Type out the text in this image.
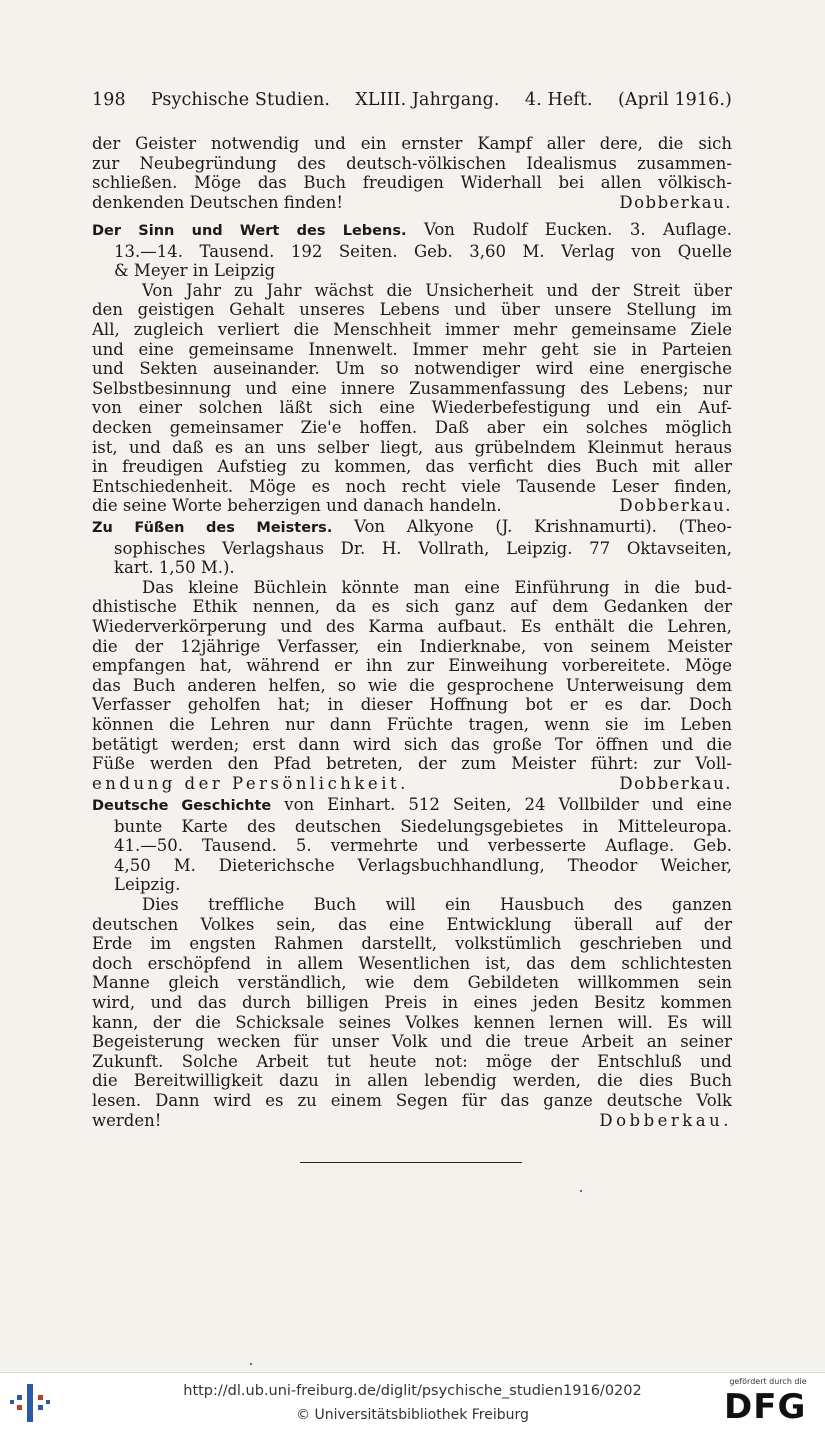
198 Psychische Studien. XLIII. Jahrgang. 4. Heft. (April 1916.)

der Geister notwendig und ein ernster Kampf aller dere, die sich

zur Neubegründung des deutsch-völkischen Idealismus zusammen-

schließen. Möge das Buch freudigen Widerhall bei allen völkisch-

denkenden Deutschen finden!	Dobberkau.

Der Sinn und Wert des Lebens. Von Rudolf Eucken. 3. Auflage.

13.—14. Tausend. 192 Seiten. Geb. 3,60 M. Verlag von Quelle

& Meyer in Leipzig

Von Jahr zu Jahr wächst die Unsicherheit und der Streit über

den geistigen Gehalt unseres Lebens und über unsere Stellung im

All, zugleich verliert die Menschheit immer mehr gemeinsame Ziele

und eine gemeinsame Innenwelt. Immer mehr geht sie in Parteien

und Sekten auseinander. Um so notwendiger wird eine energische

Selbstbesinnung und eine innere Zusammenfassung des Lebens; nur

von einer solchen läßt sich eine Wiederbefestigung und ein Auf-

decken gemeinsamer Zie'e hoffen. Daß aber ein solches möglich

ist, und daß es an uns selber liegt, aus grübelndem Kleinmut heraus

in freudigen Aufstieg zu kommen, das verficht dies Buch mit aller

Entschiedenheit. Möge es noch recht viele Tausende Leser finden,

die seine Worte beherzigen und danach handeln.	Dobberkau.

Zu Füßen des Meisters. Von Alkyone (J. Krishnamurti). (Theo-

sophisches Verlagshaus Dr. H. Vollrath, Leipzig. 77 Oktavseiten,

kart. 1,50 M.).

Das kleine Büchlein könnte man eine Einführung in die bud-

dhistische Ethik nennen, da es sich ganz auf dem Gedanken der

Wiederverkörperung und des Karma aufbaut. Es enthält die Lehren,

die der 12jährige Verfasser, ein Indierknabe, von seinem Meister

empfangen hat, während er ihn zur Einweihung vorbereitete. Möge

das Buch anderen helfen, so wie die gesprochene Unterweisung dem

Verfasser geholfen hat; in dieser Hoffnung bot er es dar. Doch

können die Lehren nur dann Früchte tragen, wenn sie im Leben

betätigt werden; erst dann wird sich das große Tor öffnen und die

Füße werden den Pfad betreten, der zum Meister führt: zur Voll-

endung der Persönlichkeit.	Dobberkau.

Deutsche Geschichte von Einhart. 512 Seiten, 24 Vollbilder und eine

bunte Karte des deutschen Siedelungsgebietes in Mitteleuropa.

41.—50. Tausend. 5. vermehrte und verbesserte Auflage. Geb.

4,50 M. Dieterichsche Verlagsbuchhandlung, Theodor Weicher,

Leipzig.

Dies treffliche Buch will ein Hausbuch des ganzen

deutschen Volkes sein, das eine Entwicklung überall auf der

Erde im engsten Rahmen darstellt, volkstümlich geschrieben und

doch erschöpfend in allem Wesentlichen ist, das dem schlichtesten

Manne gleich verständlich, wie dem Gebildeten willkommen sein

wird, und das durch billigen Preis in eines jeden Besitz kommen

kann, der die Schicksale seines Volkes kennen lernen will. Es will

Begeisterung wecken für unser Volk und die treue Arbeit an seiner

Zukunft. Solche Arbeit tut heute not: möge der Entschluß und

die Bereitwilligkeit dazu in allen lebendig werden, die dies Buch

lesen. Dann wird es zu einem Segen für das ganze deutsche Volk

werden!	Dobberkau.

http://dl.ub.uni-freiburg.de/diglit/psychische_studien1916/0202
© Universitätsbibliothek Freiburg
gefördert durch die
DFG
